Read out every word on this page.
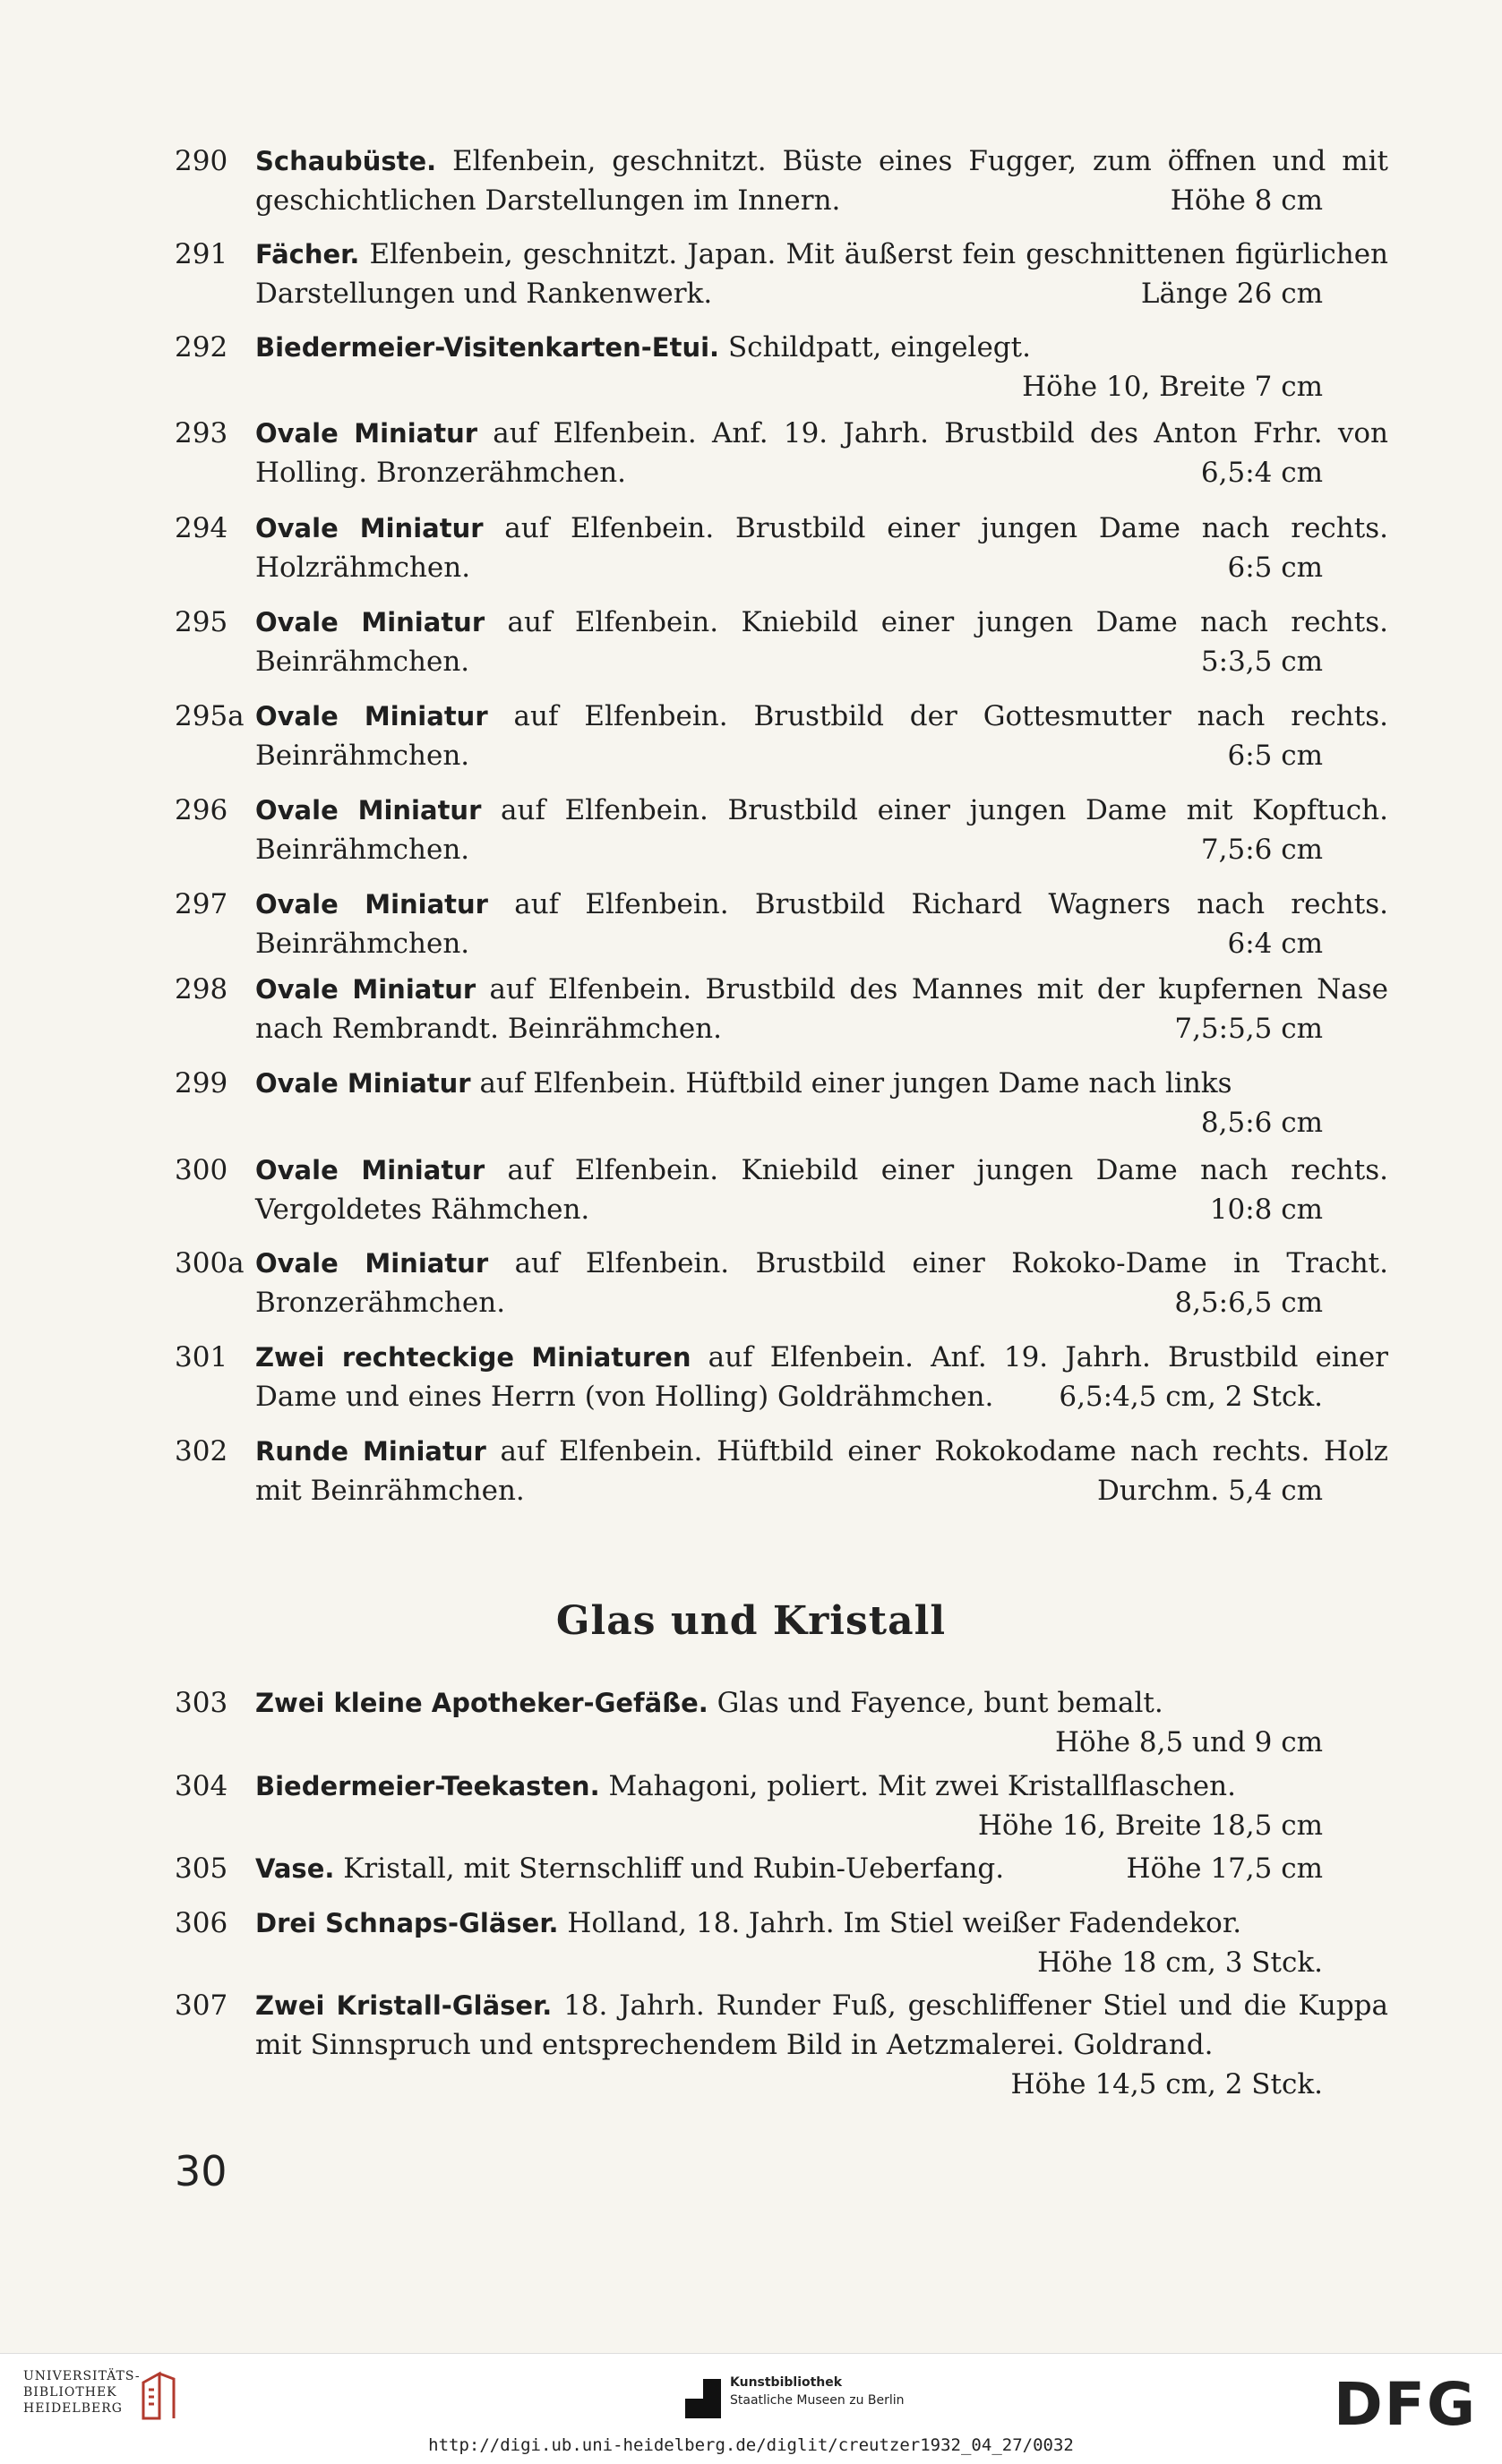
290 Schaubüste. Elfenbein, geschnitzt. Büste eines Fugger, zum öffnen und mit geschichtlichen Darstellungen im Innern.	Höhe 8 cm
291 Fächer. Elfenbein, geschnitzt. Japan. Mit äußerst fein geschnittenen figürlichen Darstellungen und Rankenwerk.	Länge 26 cm
292 Biedermeier-Visitenkarten-Etui. Schildpatt, eingelegt.
Höhe 10, Breite 7 cm
293 Ovale Miniatur auf Elfenbein. Anf. 19. Jahrh. Brustbild des Anton Frhr. von Holling. Bronzerähmchen.	6,5:4 cm
294 Ovale Miniatur auf Elfenbein. Brustbild einer jungen Dame nach rechts. Holzrähmchen.	6:5 cm
295 Ovale Miniatur auf Elfenbein. Kniebild einer jungen Dame nach rechts. Beinrähmchen.	5:3,5 cm
295a Ovale Miniatur auf Elfenbein. Brustbild der Gottesmutter nach rechts. Beinrähmchen.	6:5 cm
296 Ovale Miniatur auf Elfenbein. Brustbild einer jungen Dame mit Kopftuch. Beinrähmchen.	7,5:6 cm
297 Ovale Miniatur auf Elfenbein. Brustbild Richard Wagners nach rechts. Beinrähmchen.	6:4 cm
298 Ovale Miniatur auf Elfenbein. Brustbild des Mannes mit der kupfernen Nase nach Rembrandt. Beinrähmchen.	7,5:5,5 cm
299 Ovale Miniatur auf Elfenbein. Hüftbild einer jungen Dame nach links
8,5:6 cm
300 Ovale Miniatur auf Elfenbein. Kniebild einer jungen Dame nach rechts. Vergoldetes Rähmchen.	10:8 cm
300a Ovale Miniatur auf Elfenbein. Brustbild einer Rokoko-Dame in Tracht. Bronzerähmchen.	8,5:6,5 cm
301 Zwei rechteckige Miniaturen auf Elfenbein. Anf. 19. Jahrh. Brustbild einer Dame und eines Herrn (von Holling) Goldrähmchen.	6,5:4,5 cm, 2 Stck.
302 Runde Miniatur auf Elfenbein. Hüftbild einer Rokokodame nach rechts. Holz mit Beinrähmchen.	Durchm. 5,4 cm
Glas und Kristall
303 Zwei kleine Apotheker-Gefäße. Glas und Fayence, bunt bemalt.
Höhe 8,5 und 9 cm
304 Biedermeier-Teekasten. Mahagoni, poliert. Mit zwei Kristallflaschen.
Höhe 16, Breite 18,5 cm
305 Vase. Kristall, mit Sternschliff und Rubin-Ueberfang.	Höhe 17,5 cm
306 Drei Schnaps-Gläser. Holland, 18. Jahrh. Im Stiel weißer Fadendekor.
Höhe 18 cm, 3 Stck.
307 Zwei Kristall-Gläser. 18. Jahrh. Runder Fuß, geschliffener Stiel und die Kuppa mit Sinnspruch und entsprechendem Bild in Aetzmalerei. Goldrand.
Höhe 14,5 cm, 2 Stck.
30
UNIVERSITÄTS-
BIBLIOTHEK
HEIDELBERG
Kunstbibliothek
Staatliche Museen zu Berlin	DFG
http://digi.ub.uni-heidelberg.de/diglit/creutzer1932_04_27/0032
